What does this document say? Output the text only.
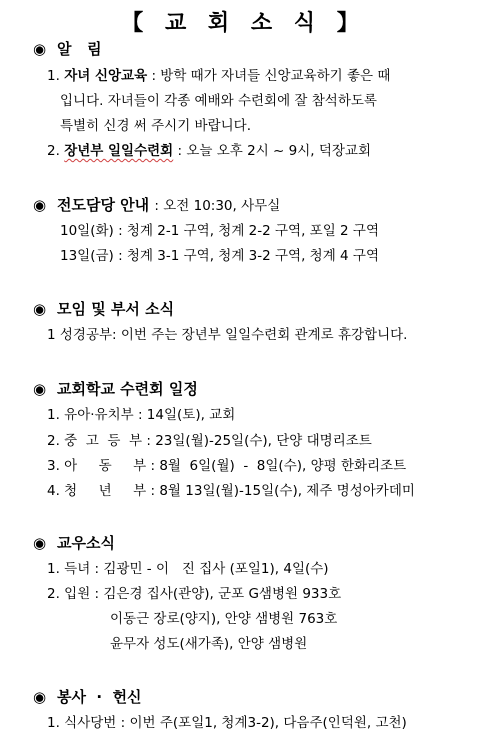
【 교 회 소 식 】
◉ 알   림
1. 자녀 신앙교육 : 방학 때가 자녀들 신앙교육하기 좋은 때
입니다. 자녀들이 각종 예배와 수련회에 잘 참석하도록
특별히 신경 써 주시기 바랍니다.
2. 장년부 일일수련회 : 오늘 오후 2시 ~ 9시, 덕장교회
◉ 전도담당 안내 : 오전 10:30, 사무실
10일(화) : 청계 2-1 구역, 청계 2-2 구역, 포일 2 구역
13일(금) : 청계 3-1 구역, 청계 3-2 구역, 청계 4 구역
◉ 모임 및 부서 소식
1 성경공부: 이번 주는 장년부 일일수련회 관계로 휴강합니다.
◉ 교회학교 수련회 일정
1. 유아·유치부 : 14일(토), 교회
2. 중  고  등  부 : 23일(월)-25일(수), 단양 대명리조트
3. 아     동     부 : 8월  6일(월)  -  8일(수), 양평 한화리조트
4. 청     년     부 : 8월 13일(월)-15일(수), 제주 명성아카데미
◉ 교우소식
1. 득녀 : 김광민 - 이   진 집사 (포일1), 4일(수)
2. 입원 : 김은경 집사(관양), 군포 G샘병원 933호
이동근 장로(양지), 안양 샘병원 763호
윤무자 성도(새가족), 안양 샘병원
◉ 봉사  ·  헌신
1. 식사당번 : 이번 주(포일1, 청계3-2), 다음주(인덕원, 고천)
